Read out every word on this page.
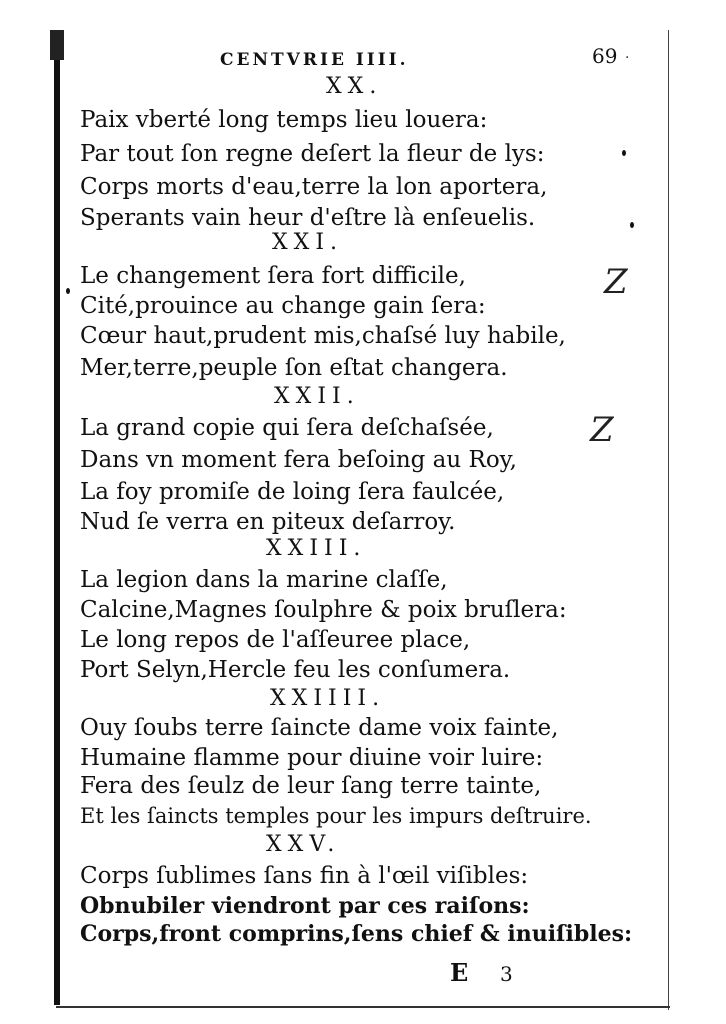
CENTVRIE IIII.	69 ·
XX.
Paix vberté long temps lieu louera:
Par tout ſon regne deſert la fleur de lys:
Corps morts d'eau,terre la lon aportera,
Sperants vain heur d'eſtre là enſeuelis.
XXI.
Le changement ſera fort difficile,
Cité,prouince au change gain ſera:
Cœur haut,prudent mis,chaſsé luy habile,
Mer,terre,peuple ſon eſtat changera.
XXII.
La grand copie qui ſera deſchaſsée,
Dans vn moment fera beſoing au Roy,
La foy promiſe de loing ſera faulcée,
Nud ſe verra en piteux deſarroy.
XXIII.
La legion dans la marine claſſe,
Calcine,Magnes ſoulphre & poix bruſlera:
Le long repos de l'aſſeuree place,
Port Selyn,Hercle feu les conſumera.
XXIIII.
Ouy ſoubs terre ſaincte dame voix fainte,
Humaine flamme pour diuine voir luire:
Fera des ſeulz de leur ſang terre tainte,
Et les ſaincts temples pour les impurs deſtruire.
XXV.
Corps ſublimes ſans fin à l'œil viſibles:
Obnubiler viendront par ces raiſons:
Corps,front comprins,ſens chief & inuiſibles:
Z
Z
E 3
